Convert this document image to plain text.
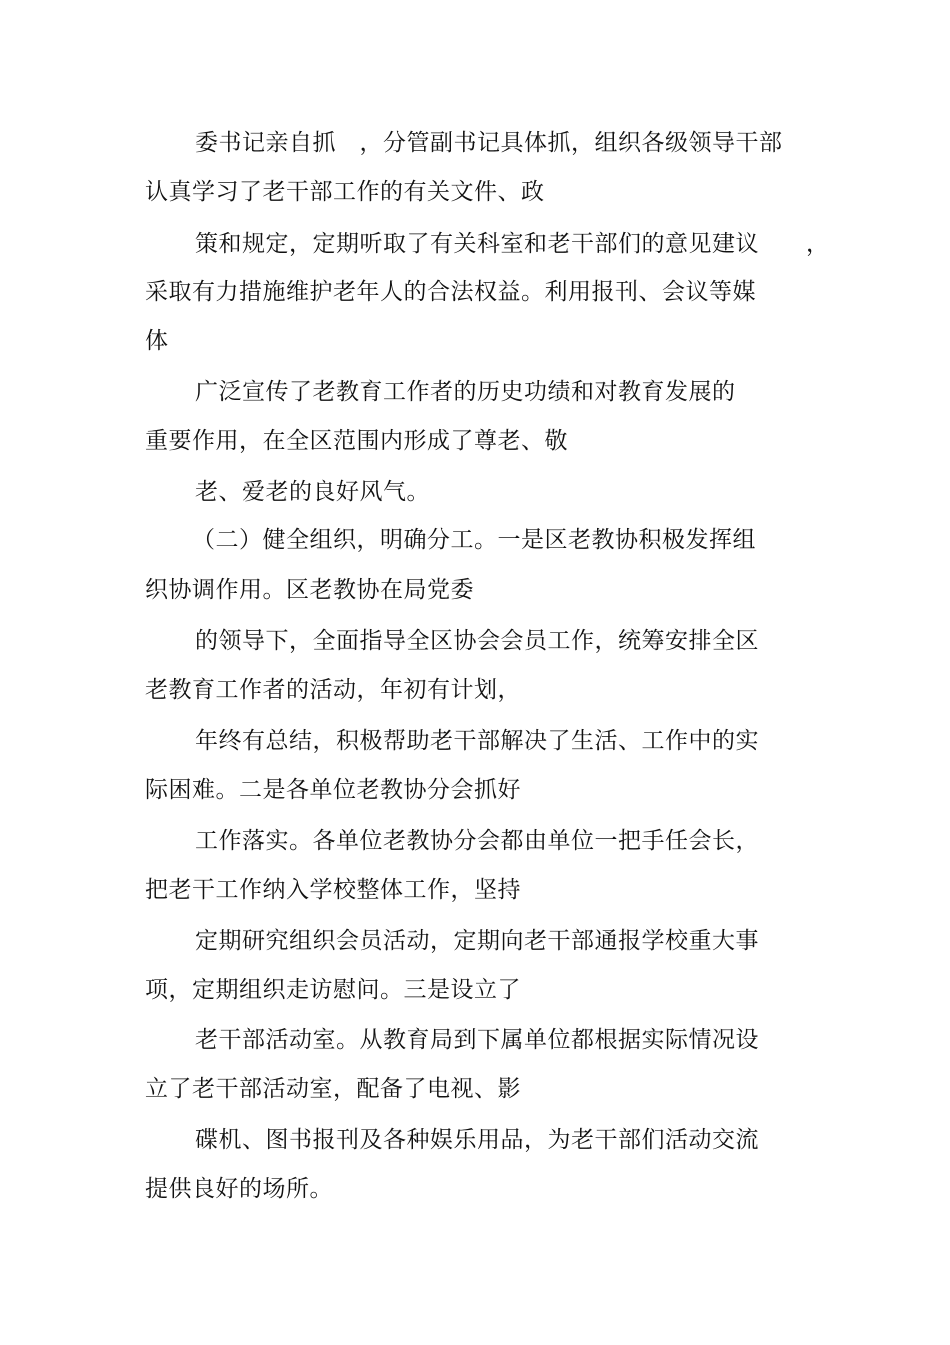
委书记亲自抓　，分管副书记具体抓，组织各级领导干部
认真学习了老干部工作的有关文件、政
策和规定，定期听取了有关科室和老干部们的意见建议 ，
采取有力措施维护老年人的合法权益。利用报刊、会议等媒
体
广泛宣传了老教育工作者的历史功绩和对教育发展的
重要作用，在全区范围内形成了尊老、敬
老、爱老的良好风气。
（二）健全组织，明确分工。一是区老教协积极发挥组
织协调作用。区老教协在局党委
的领导下，全面指导全区协会会员工作，统筹安排全区
老教育工作者的活动，年初有计划，
年终有总结，积极帮助老干部解决了生活、工作中的实
际困难。二是各单位老教协分会抓好
工作落实。各单位老教协分会都由单位一把手任会长，
把老干工作纳入学校整体工作，坚持
定期研究组织会员活动，定期向老干部通报学校重大事
项，定期组织走访慰问。三是设立了
老干部活动室。从教育局到下属单位都根据实际情况设
立了老干部活动室，配备了电视、影
碟机、图书报刊及各种娱乐用品，为老干部们活动交流
提供良好的场所。
